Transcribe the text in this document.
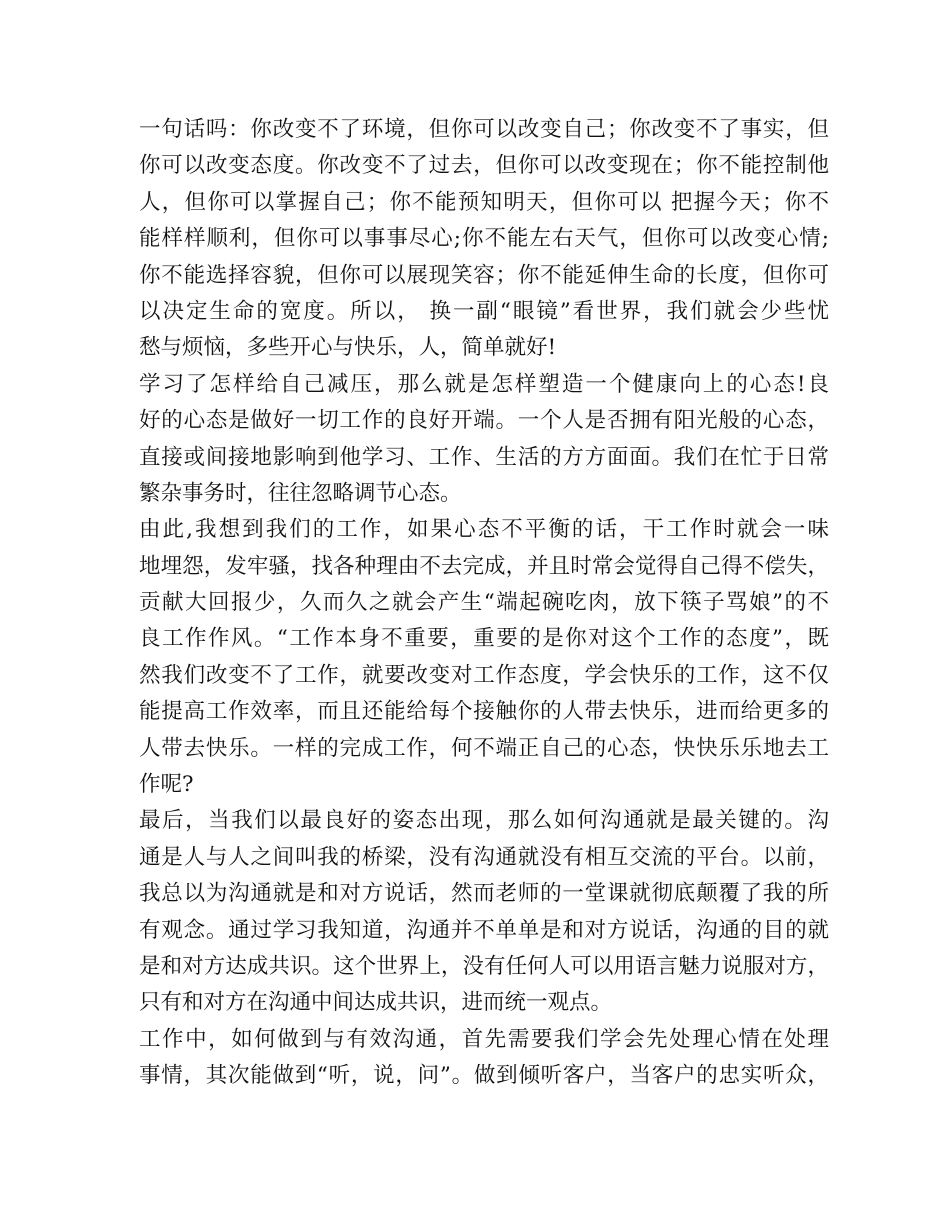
一句话吗：你改变不了环境，但你可以改变自己；你改变不了事实，但
你可以改变态度。你改变不了过去，但你可以改变现在；你不能控制他
人，但你可以掌握自己；你不能预知明天，但你可以 把握今天；你不
能样样顺利，但你可以事事尽心;你不能左右天气，但你可以改变心情;
你不能选择容貌，但你可以展现笑容；你不能延伸生命的长度，但你可
以决定生命的宽度。所以， 换一副“眼镜”看世界，我们就会少些忧
愁与烦恼，多些开心与快乐，人，简单就好!
学习了怎样给自己减压，那么就是怎样塑造一个健康向上的心态!良
好的心态是做好一切工作的良好开端。一个人是否拥有阳光般的心态，
直接或间接地影响到他学习、工作、生活的方方面面。我们在忙于日常
繁杂事务时，往往忽略调节心态。
由此,我想到我们的工作，如果心态不平衡的话，干工作时就会一味
地埋怨，发牢骚，找各种理由不去完成，并且时常会觉得自己得不偿失，
贡献大回报少，久而久之就会产生“端起碗吃肉，放下筷子骂娘”的不
良工作作风。“工作本身不重要，重要的是你对这个工作的态度”，既
然我们改变不了工作，就要改变对工作态度，学会快乐的工作，这不仅
能提高工作效率，而且还能给每个接触你的人带去快乐，进而给更多的
人带去快乐。一样的完成工作，何不端正自己的心态，快快乐乐地去工
作呢?
最后，当我们以最良好的姿态出现，那么如何沟通就是最关键的。沟
通是人与人之间叫我的桥梁，没有沟通就没有相互交流的平台。以前，
我总以为沟通就是和对方说话，然而老师的一堂课就彻底颠覆了我的所
有观念。通过学习我知道，沟通并不单单是和对方说话，沟通的目的就
是和对方达成共识。这个世界上，没有任何人可以用语言魅力说服对方，
只有和对方在沟通中间达成共识，进而统一观点。
工作中，如何做到与有效沟通，首先需要我们学会先处理心情在处理
事情，其次能做到“听，说，问”。做到倾听客户，当客户的忠实听众，
